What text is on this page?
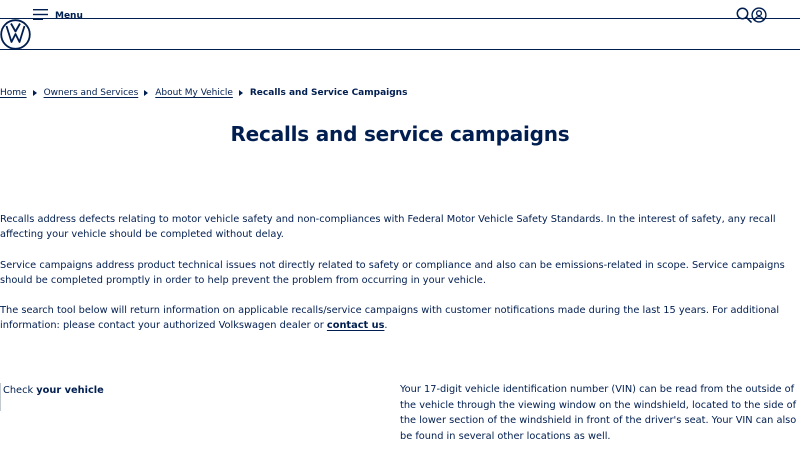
Menu
Home Owners and Services About My Vehicle Recalls and Service Campaigns
Recalls and service campaigns

Recalls address defects relating to motor vehicle safety and non-compliances with Federal Motor Vehicle Safety Standards. In the interest of safety, any recall affecting your vehicle should be completed without delay.

Service campaigns address product technical issues not directly related to safety or compliance and also can be emissions-related in scope. Service campaigns should be completed promptly in order to help prevent the problem from occurring in your vehicle.

The search tool below will return information on applicable recalls/service campaigns with customer notifications made during the last 15 years. For additional information: please contact your authorized Volkswagen dealer or contact us.

Check your vehicle	Your 17-digit vehicle identification number (VIN) can be read from the outside of the vehicle through the viewing window on the windshield, located to the side of the lower section of the windshield in front of the driver's seat. Your VIN can also be found in several other locations as well.
